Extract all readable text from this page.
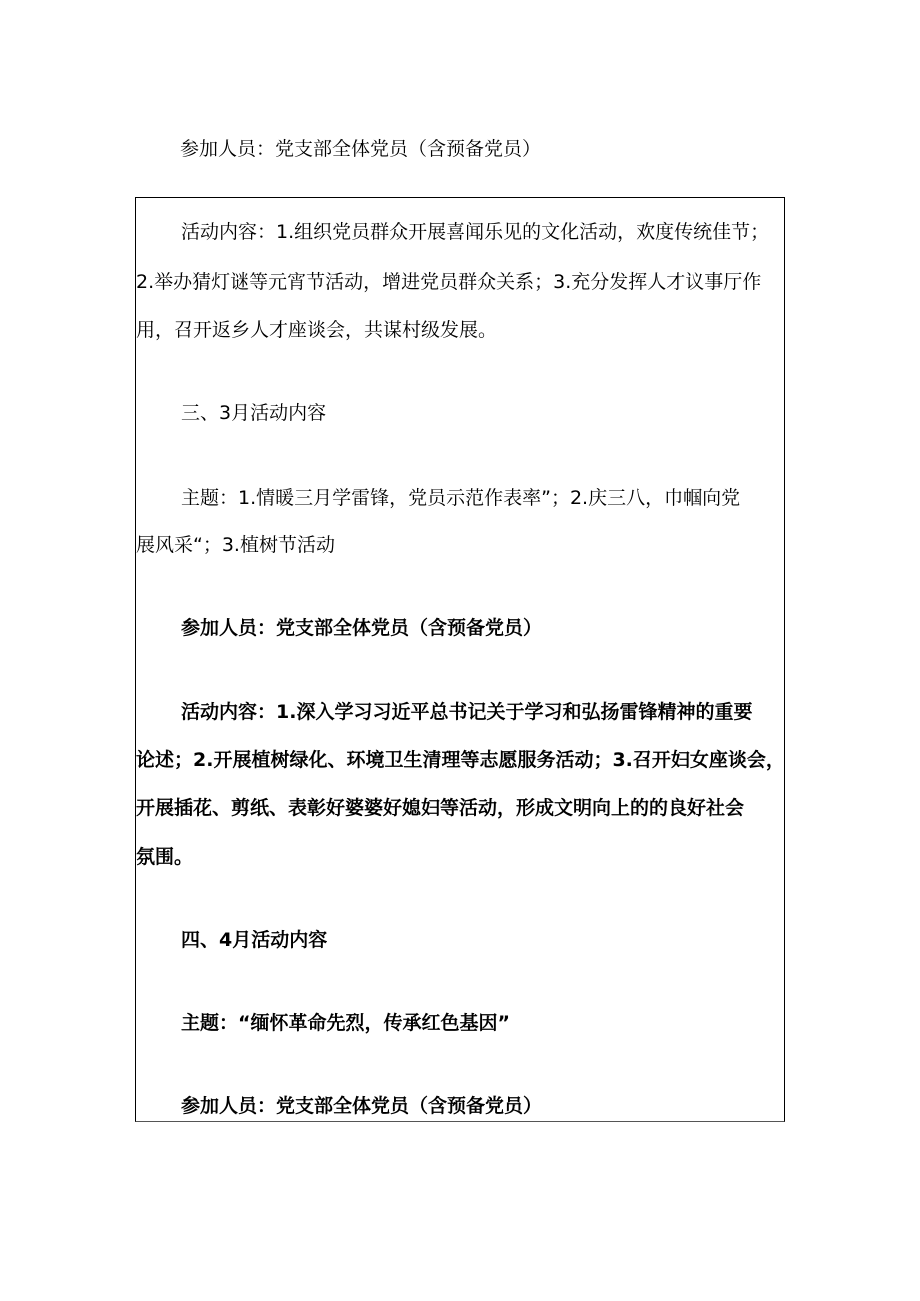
参加人员：党支部全体党员（含预备党员）

活动内容：1.组织党员群众开展喜闻乐见的文化活动，欢度传统佳节；

2.举办猜灯谜等元宵节活动，增进党员群众关系；3.充分发挥人才议事厅作

用，召开返乡人才座谈会，共谋村级发展。

三、3月活动内容

主题：1.情暖三月学雷锋，党员示范作表率”；2.庆三八，巾帼向党

展风采“；3.植树节活动

参加人员：党支部全体党员（含预备党员）

活动内容：1.深入学习习近平总书记关于学习和弘扬雷锋精神的重要

论述；2.开展植树绿化、环境卫生清理等志愿服务活动；3.召开妇女座谈会，

开展插花、剪纸、表彰好婆婆好媳妇等活动，形成文明向上的的良好社会

氛围。

四、4月活动内容

主题：“缅怀革命先烈，传承红色基因”

参加人员：党支部全体党员（含预备党员）
